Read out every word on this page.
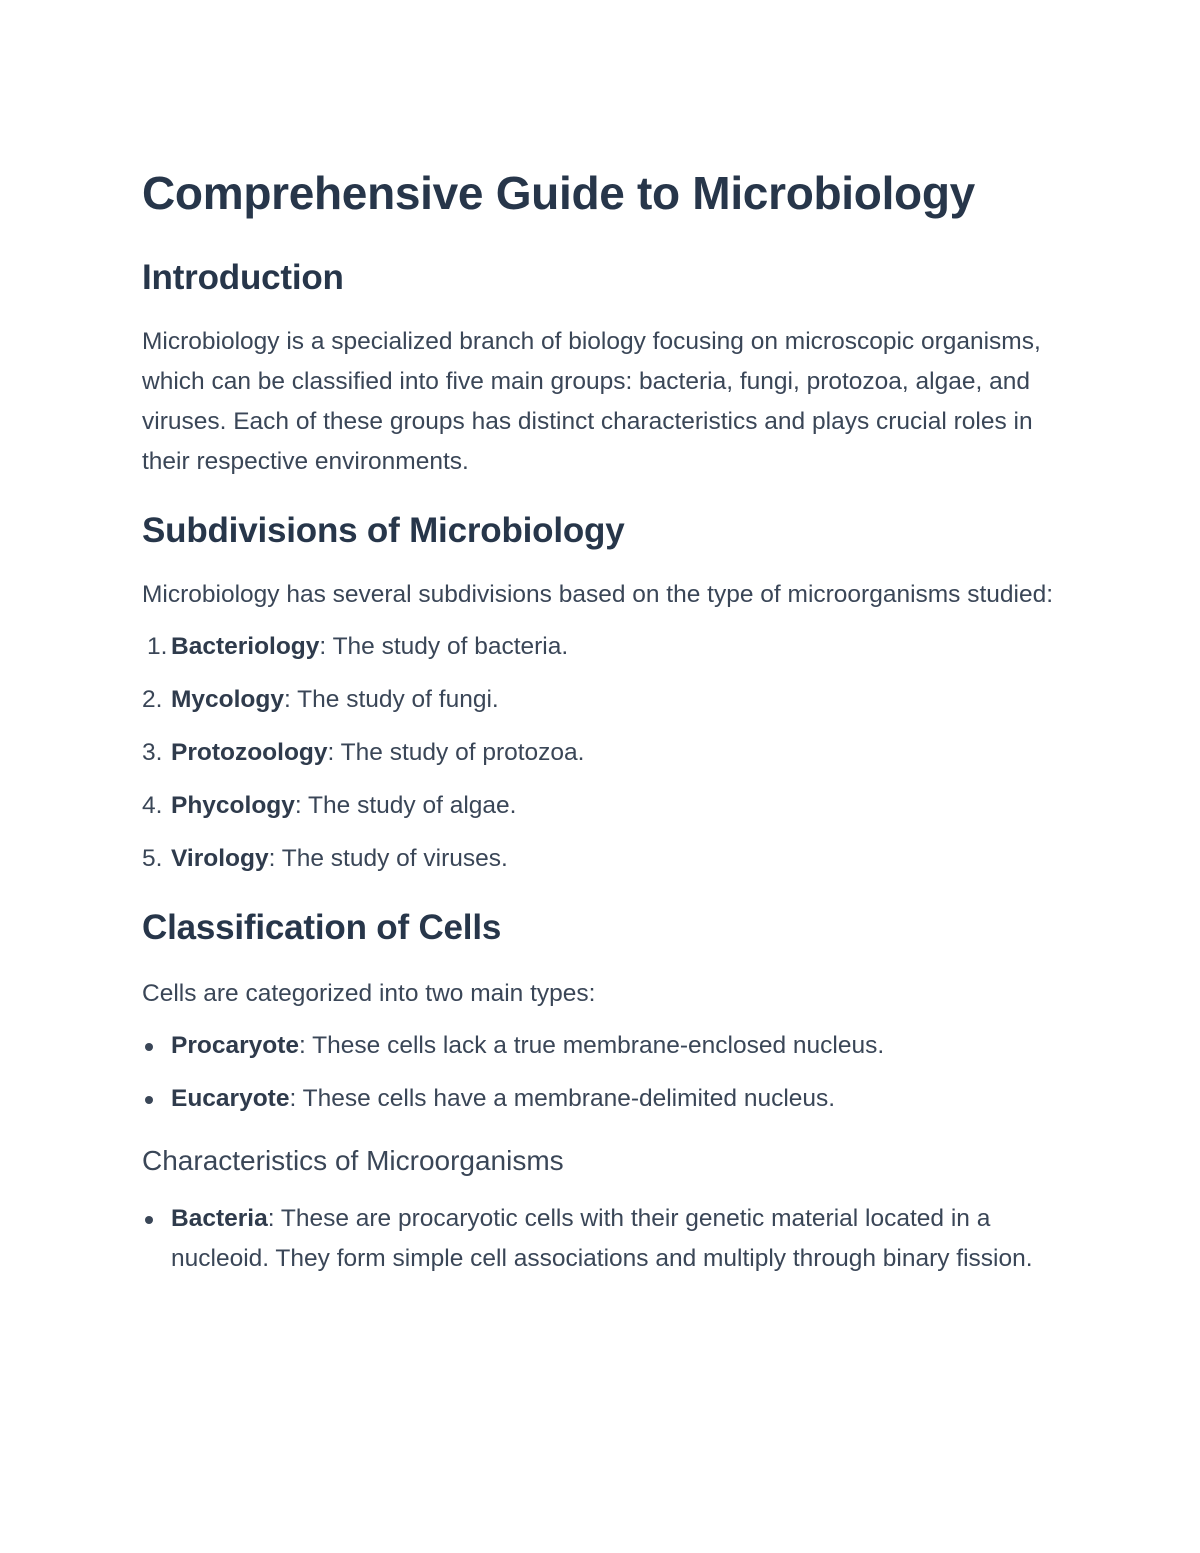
Comprehensive Guide to Microbiology
Introduction

Microbiology is a specialized branch of biology focusing on microscopic organisms, which can be classified into five main groups: bacteria, fungi, protozoa, algae, and viruses. Each of these groups has distinct characteristics and plays crucial roles in their respective environments.

Subdivisions of Microbiology

Microbiology has several subdivisions based on the type of microorganisms studied:

1. Bacteriology: The study of bacteria.
2. Mycology: The study of fungi.
3. Protozoology: The study of protozoa.
4. Phycology: The study of algae.
5. Virology: The study of viruses.
Classification of Cells

Cells are categorized into two main types:

Procaryote: These cells lack a true membrane-enclosed nucleus.
Eucaryote: These cells have a membrane-delimited nucleus.
Characteristics of Microorganisms
Bacteria: These are procaryotic cells with their genetic material located in a nucleoid. They form simple cell associations and multiply through binary fission.
